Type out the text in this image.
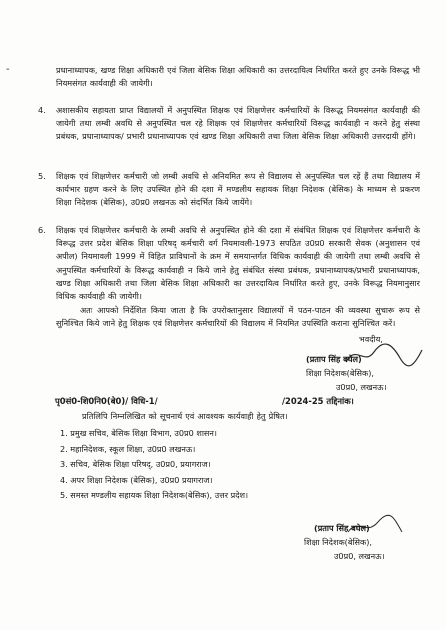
-	प्रधानाध्यापक, खण्ड शिक्षा अधिकारी एवं जिला बेसिक शिक्षा अधिकारी का उत्तरदायित्व निर्धारित करते हुए उनके विरूद्ध भी नियमसंगत कार्यवाही की जायेगी।
4. अशासकीय सहायता प्राप्त विद्यालयों में अनुपस्थित शिक्षक एवं शिक्षणेत्तर कर्मचारियों के विरूद्ध नियमसंगत कार्यवाही की जायेगी तथा लम्बी अवधि से अनुपस्थित चल रहे शिक्षक एवं शिक्षणेत्तर कर्मचारियों विरूद्ध कार्यवाही न करने हेतु संस्था प्रबंधक, प्रधानाध्यापक/ प्रभारी प्रधानाध्यापक एवं खण्ड शिक्षा अधिकारी तथा जिला बेसिक शिक्षा अधिकारी उत्तरदायी होंगे।
5. शिक्षक एवं शिक्षणेत्तर कर्मचारी जो लम्बी अवधि से अनियमित रूप से विद्यालय से अनुपस्थित चल रहें हैं तथा विद्यालय में कार्यभार ग्रहण करने के लिए उपस्थित होने की दशा में मण्डलीय सहायक शिक्षा निदेशक (बेसिक) के माध्यम से प्रकरण शिक्षा निदेशक (बेसिक), उ0प्र0 लखनऊ को संदर्भित किये जायेंगे।
6. शिक्षक एवं शिक्षणेत्तर कर्मचारी के लम्बी अवधि से अनुपस्थित होने की दशा में संबंधित शिक्षक एवं शिक्षणेत्तर कर्मचारी के विरूद्ध उत्तर प्रदेश बेसिक शिक्षा परिषद् कर्मचारी वर्ग नियमावली-1973 सपठित उ0प्र0 सरकारी सेवक (अनुशासन एवं अपील) नियमावली 1999 में विहित प्राविधानों के क्रम में समयान्तर्गत विधिक कार्यवाही की जायेगी तथा लम्बी अवधि से अनुपस्थित कर्मचारियों के विरूद्ध कार्यवाही न किये जाने हेतु संबंधित संस्था प्रबंधक, प्रधानाध्यापक/प्रभारी प्रधानाध्यापक, खण्ड शिक्षा अधिकारी तथा जिला बेसिक शिक्षा अधिकारी का उत्तरदायित्व निर्धारित करते हुए, उनके विरूद्ध नियमानुसार विधिक कार्यवाही की जायेगी।
अतः आपको निर्देशित किया जाता है कि उपरोक्तानुसार विद्यालयों में पठन-पाठन की व्यवस्था सुचारू रूप से सुनिश्चित किये जाने हेतु शिक्षक एवं शिक्षणेत्तर कर्मचारियों की विद्यालय में नियमित उपस्थिति कराना सुनिश्चित करें।
भवदीय,
(प्रताप सिंह बघेल)
शिक्षा निदेशक(बेसिक),
उ0प्र0, लखनऊ।
पृ0सं0-शि0नि0(बे0)/ विधि-1/	/2024-25 तद्दिनांक।
प्रतिलिपि निम्नलिखित को सूचनार्थ एवं आवश्यक कार्यवाही हेतु प्रेषित।
1. प्रमुख सचिव, बेसिक शिक्षा विभाग, उ0प्र0 शासन।
2. महानिदेशक, स्कूल शिक्षा, उ0प्र0 लखनऊ।
3. सचिव, बेसिक शिक्षा परिषद्, उ0प्र0, प्रयागराज।
4. अपर शिक्षा निदेशक (बेसिक), उ0प्र0 प्रयागराज।
5. समस्त मण्डलीय सहायक शिक्षा निदेशक(बेसिक), उत्तर प्रदेश।
(प्रताप सिंह बघेल)
शिक्षा निदेशक(बेसिक),
उ0प्र0, लखनऊ।
